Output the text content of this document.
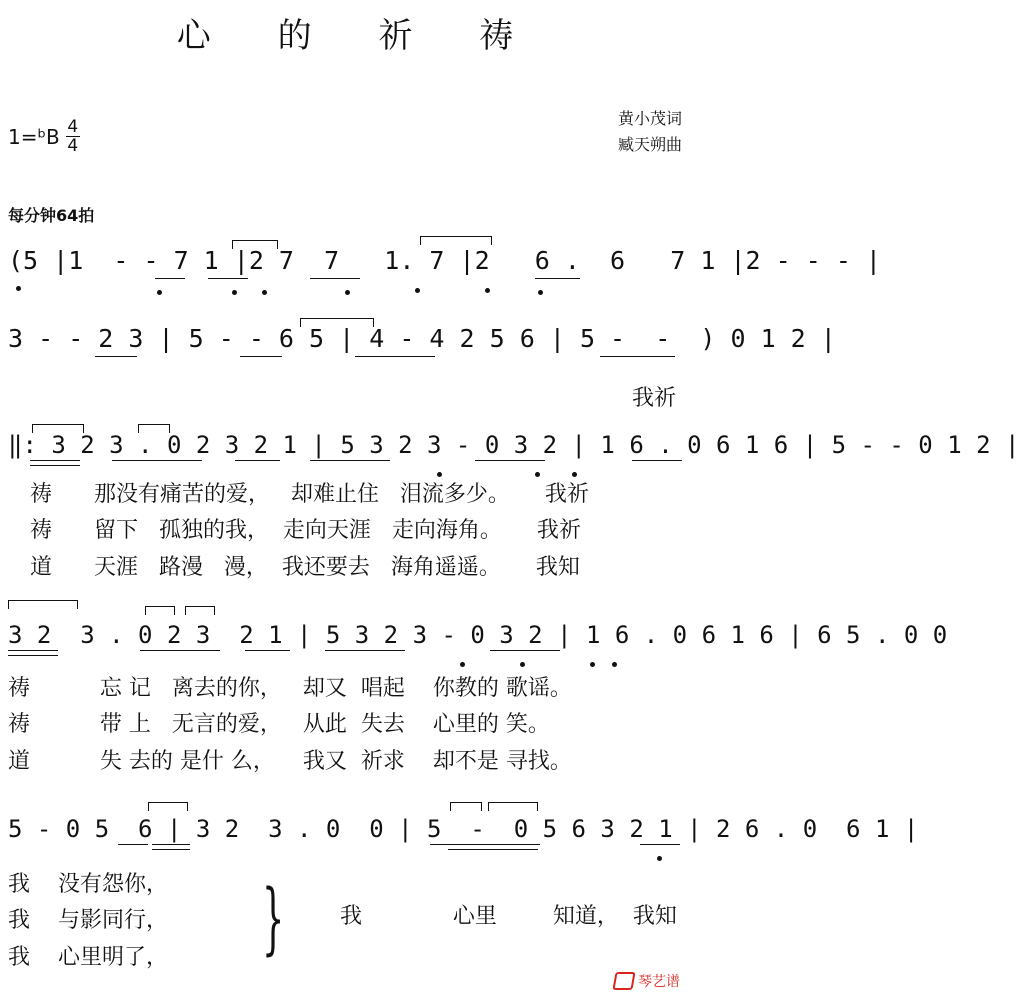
心 的 祈 祷
1= ᵇB $\frac{4}{4}$	黄小茂词
臧天朔曲
每分钟64拍
(5 |1  - - 7 1 |2 7  7   1. 7 |2   6 .  6   7 1 |2 - - - |
3 - - 2 3 | 5 - - 6 5 | 4 - 4 2 5 6 | 5 -  -  ) 0 1 2 |
我祈
‖: 3 2 3 . 0 2 3 2 1 | 5 3 2 3 - 0 3 2 | 1 6 . 0 6 1 6 | 5 - - 0 1 2 |
祷      那没有痛苦的爱，   却难止住   泪流多少。     我祈
祷      留下   孤独的我，  走向天涯   走向海角。     我祈
道      天涯   路漫   漫，  我还要去   海角遥遥。     我知
3 2  3 . 0 2 3  2 1 | 5 3 2 3 - 0 3 2 | 1 6 . 0 6 1 6 | 6 5 . 0 0
祷          忘 记   离去的你，   却又  唱起    你教的 歌谣。
祷          带 上   无言的爱，   从此  失去    心里的 笑。
道          失 去的 是什 么，    我又  祈求    却不是 寻找。
5 - 0 5  6 | 3 2  3 . 0  0 | 5  -  0 5 6 3 2 1 | 2 6 . 0  6 1 |
我    没有怨你，
我    与影同行，
我    心里明了， }	我             心里        知道，  我知
琴艺谱
